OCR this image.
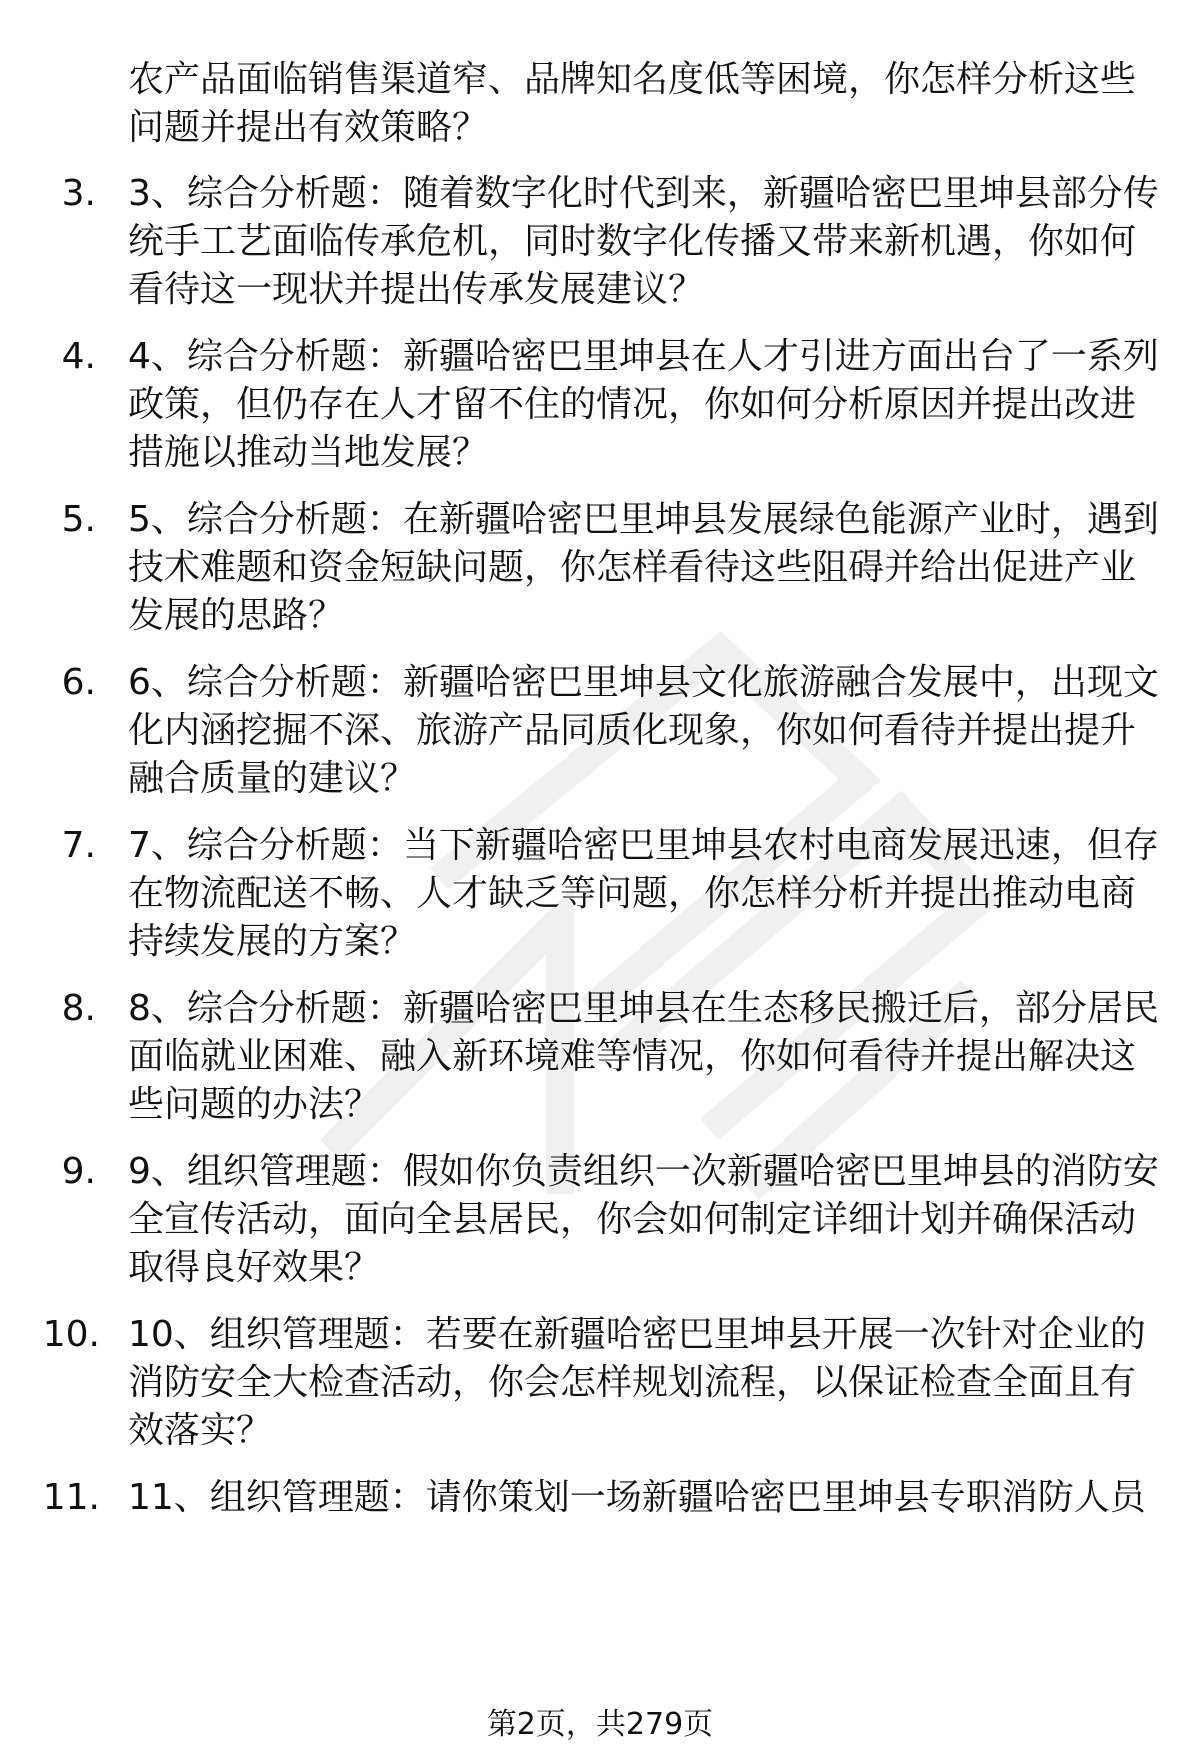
农产品面临销售渠道窄、品牌知名度低等困境，你怎样分析这些
问题并提出有效策略？
3. 3、综合分析题：随着数字化时代到来，新疆哈密巴里坤县部分传
统手工艺面临传承危机，同时数字化传播又带来新机遇，你如何
看待这一现状并提出传承发展建议？
4. 4、综合分析题：新疆哈密巴里坤县在人才引进方面出台了一系列
政策，但仍存在人才留不住的情况，你如何分析原因并提出改进
措施以推动当地发展？
5. 5、综合分析题：在新疆哈密巴里坤县发展绿色能源产业时，遇到
技术难题和资金短缺问题，你怎样看待这些阻碍并给出促进产业
发展的思路？
6. 6、综合分析题：新疆哈密巴里坤县文化旅游融合发展中，出现文
化内涵挖掘不深、旅游产品同质化现象，你如何看待并提出提升
融合质量的建议？
7. 7、综合分析题：当下新疆哈密巴里坤县农村电商发展迅速，但存
在物流配送不畅、人才缺乏等问题，你怎样分析并提出推动电商
持续发展的方案？
8. 8、综合分析题：新疆哈密巴里坤县在生态移民搬迁后，部分居民
面临就业困难、融入新环境难等情况，你如何看待并提出解决这
些问题的办法？
9. 9、组织管理题：假如你负责组织一次新疆哈密巴里坤县的消防安
全宣传活动，面向全县居民，你会如何制定详细计划并确保活动
取得良好效果？
10. 10、组织管理题：若要在新疆哈密巴里坤县开展一次针对企业的
消防安全大检查活动，你会怎样规划流程，以保证检查全面且有
效落实？
11. 11、组织管理题：请你策划一场新疆哈密巴里坤县专职消防人员
第2页，共279页
